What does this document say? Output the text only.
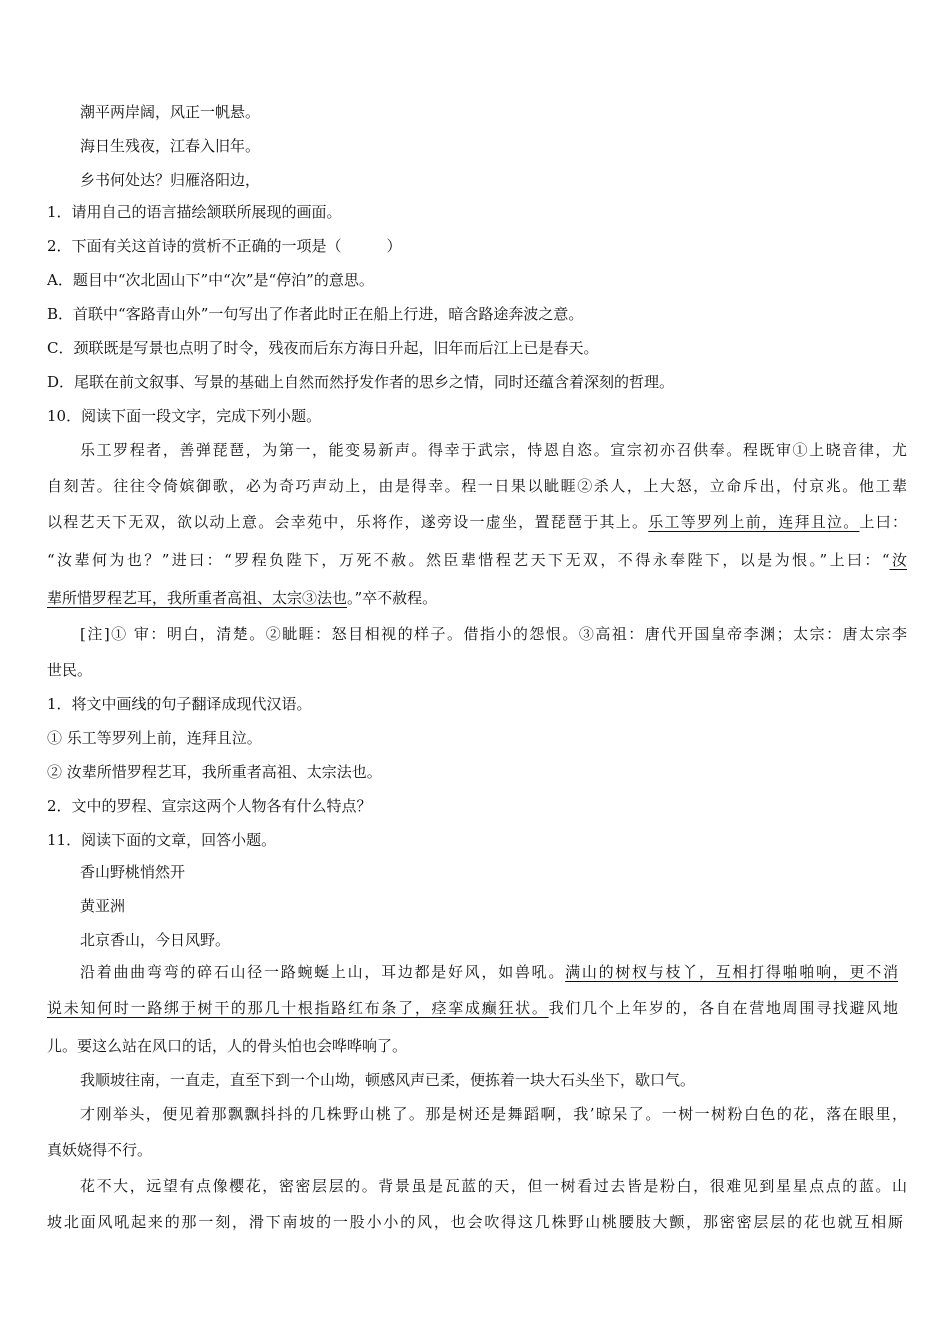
潮平两岸阔，风正一帆悬。
海日生残夜，江春入旧年。
乡书何处达？归雁洛阳边，
1．请用自己的语言描绘颔联所展现的画面。
2．下面有关这首诗的赏析不正确的一项是（　　　）
A．题目中“次北固山下”中“次”是“停泊”的意思。
B．首联中“客路青山外”一句写出了作者此时正在船上行进，暗含路途奔波之意。
C．颈联既是写景也点明了时令，残夜而后东方海日升起，旧年而后江上已是春天。
D．尾联在前文叙事、写景的基础上自然而然抒发作者的思乡之情，同时还蕴含着深刻的哲理。
10．阅读下面一段文字，完成下列小题。
乐工罗程者，善弹琵琶，为第一，能变易新声。得幸于武宗，恃恩自恣。宣宗初亦召供奉。程既审①上晓音律，尤
自刻苦。往往令倚嫔御歌，必为奇巧声动上，由是得幸。程一日果以眦睚②杀人，上大怒，立命斥出，付京兆。他工辈
以程艺天下无双，欲以动上意。会幸苑中，乐将作，遂旁设一虚坐，置琵琶于其上。乐工等罗列上前，连拜且泣。上曰：
“汝辈何为也？”进曰：“罗程负陛下，万死不赦。然臣辈惜程艺天下无双，不得永奉陛下，以是为恨。”上曰：“汝
辈所惜罗程艺耳，我所重者高祖、太宗③法也。”卒不赦程。
[注]① 审：明白，清楚。②眦睚：怒目相视的样子。借指小的怨恨。③高祖：唐代开国皇帝李渊；太宗：唐太宗李
世民。
1．将文中画线的句子翻译成现代汉语。
① 乐工等罗列上前，连拜且泣。
② 汝辈所惜罗程艺耳，我所重者高祖、太宗法也。
2．文中的罗程、宣宗这两个人物各有什么特点？
11．阅读下面的文章，回答小题。
香山野桃悄然开
黄亚洲
北京香山，今日风野。
沿着曲曲弯弯的碎石山径一路蜿蜒上山，耳边都是好风，如兽吼。满山的树杈与枝丫，互相打得啪啪响，更不消
说未知何时一路绑于树干的那几十根指路红布条了，痉挛成癫狂状。我们几个上年岁的，各自在营地周围寻找避风地
儿。要这么站在风口的话，人的骨头怕也会哗哗响了。
我顺坡往南，一直走，直至下到一个山坳，顿感风声已柔，便拣着一块大石头坐下，歇口气。
才刚举头，便见着那飘飘抖抖的几株野山桃了。那是树还是舞蹈啊，我’晾呆了。一树一树粉白色的花，落在眼里，
真妖娆得不行。
花不大，远望有点像樱花，密密层层的。背景虽是瓦蓝的天，但一树看过去皆是粉白，很难见到星星点点的蓝。山
坡北面风吼起来的那一刻，滑下南坡的一股小小的风，也会吹得这几株野山桃腰肢大颤，那密密层层的花也就互相厮
